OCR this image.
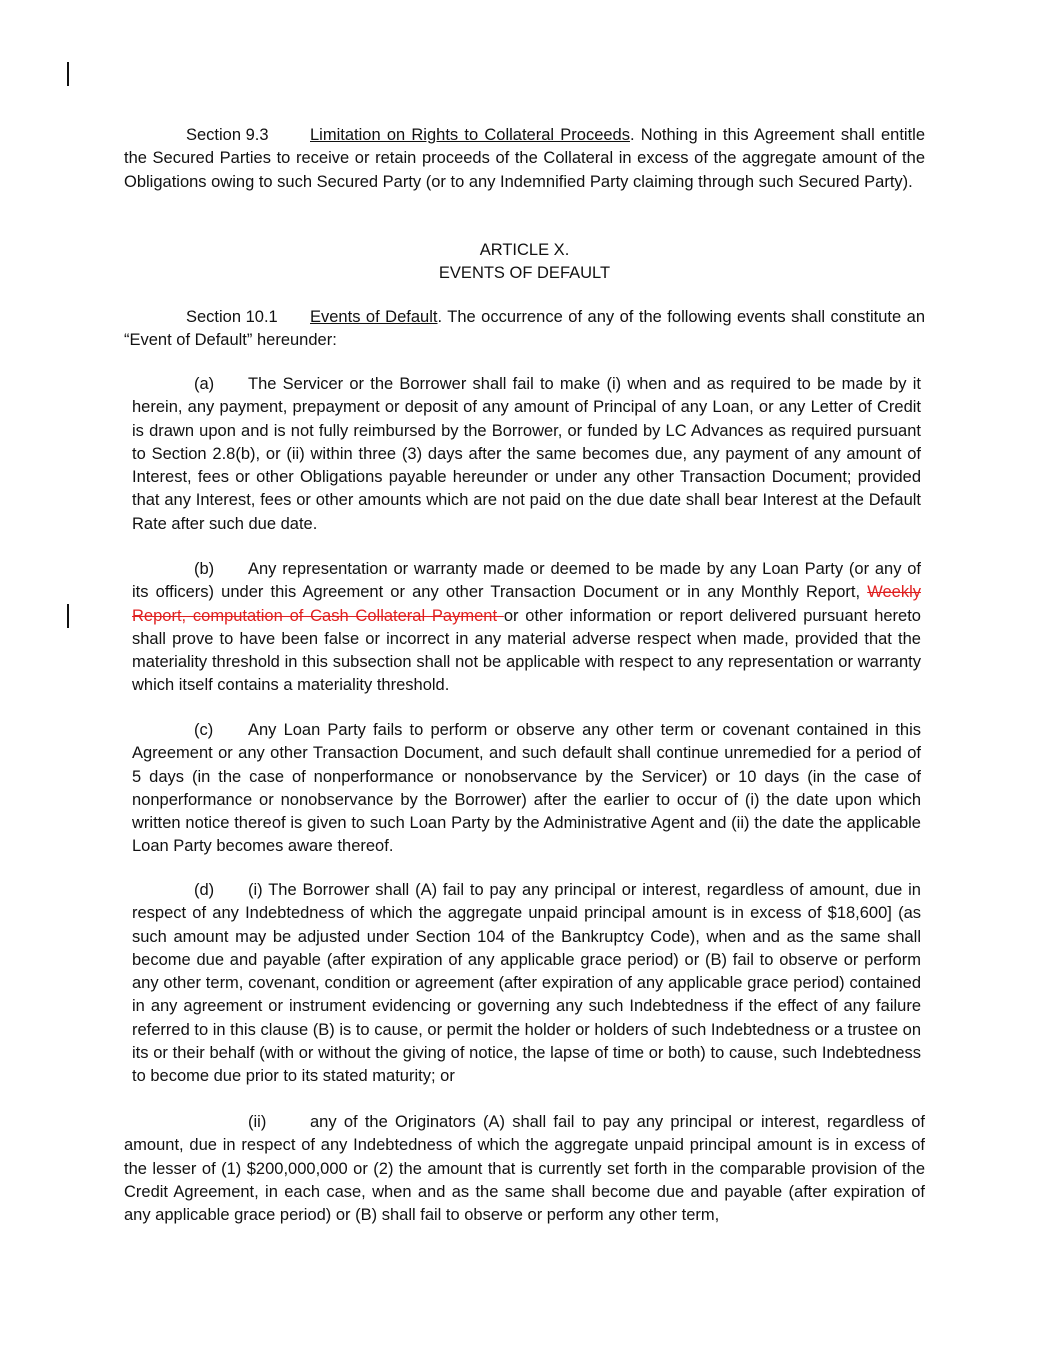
Section 9.3	Limitation on Rights to Collateral Proceeds. Nothing in this Agreement shall entitle the Secured Parties to receive or retain proceeds of the Collateral in excess of the aggregate amount of the Obligations owing to such Secured Party (or to any Indemnified Party claiming through such Secured Party).

ARTICLE X.
EVENTS OF DEFAULT

Section 10.1 Events of Default. The occurrence of any of the following events shall constitute an “Event of Default” hereunder:

(a) The Servicer or the Borrower shall fail to make (i) when and as required to be made by it herein, any payment, prepayment or deposit of any amount of Principal of any Loan, or any Letter of Credit is drawn upon and is not fully reimbursed by the Borrower, or funded by LC Advances as required pursuant to Section 2.8(b), or (ii) within three (3) days after the same becomes due, any payment of any amount of Interest, fees or other Obligations payable hereunder or under any other Transaction Document; provided that any Interest, fees or other amounts which are not paid on the due date shall bear Interest at the Default Rate after such due date.

(b) Any representation or warranty made or deemed to be made by any Loan Party (or any of its officers) under this Agreement or any other Transaction Document or in any Monthly Report, Weekly Report, computation of Cash Collateral Payment or other information or report delivered pursuant hereto shall prove to have been false or incorrect in any material adverse respect when made, provided that the materiality threshold in this subsection shall not be applicable with respect to any representation or warranty which itself contains a materiality threshold.

(c) Any Loan Party fails to perform or observe any other term or covenant contained in this Agreement or any other Transaction Document, and such default shall continue unremedied for a period of 5 days (in the case of nonperformance or nonobservance by the Servicer) or 10 days (in the case of nonperformance or nonobservance by the Borrower) after the earlier to occur of (i) the date upon which written notice thereof is given to such Loan Party by the Administrative Agent and (ii) the date the applicable Loan Party becomes aware thereof.

(d) (i) The Borrower shall (A) fail to pay any principal or interest, regardless of amount, due in respect of any Indebtedness of which the aggregate unpaid principal amount is in excess of $18,600] (as such amount may be adjusted under Section 104 of the Bankruptcy Code), when and as the same shall become due and payable (after expiration of any applicable grace period) or (B) fail to observe or perform any other term, covenant, condition or agreement (after expiration of any applicable grace period) contained in any agreement or instrument evidencing or governing any such Indebtedness if the effect of any failure referred to in this clause (B) is to cause, or permit the holder or holders of such Indebtedness or a trustee on its or their behalf (with or without the giving of notice, the lapse of time or both) to cause, such Indebtedness to become due prior to its stated maturity; or

(ii)	any of the Originators (A) shall fail to pay any principal or interest, regardless of amount, due in respect of any Indebtedness of which the aggregate unpaid principal amount is in excess of the lesser of (1) $200,000,000 or (2) the amount that is currently set forth in the comparable provision of the Credit Agreement, in each case, when and as the same shall become due and payable (after expiration of any applicable grace period) or (B) shall fail to observe or perform any other term,
